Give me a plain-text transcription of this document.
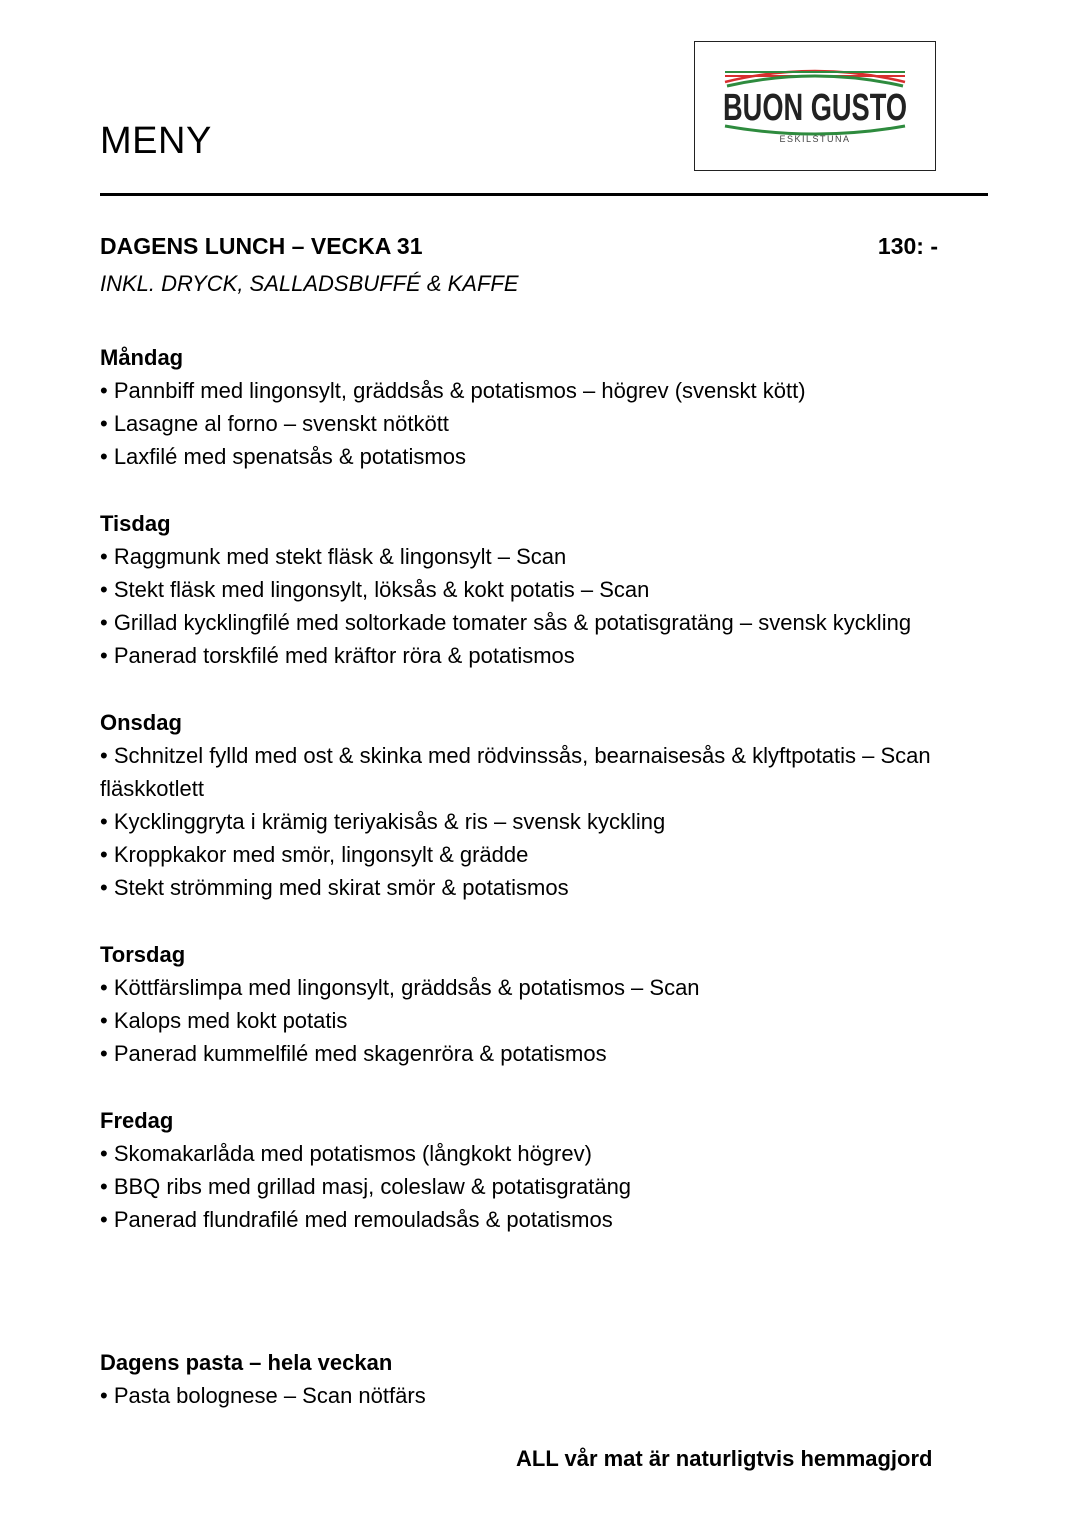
MENY
BUON GUSTO
ESKILSTUNA
DAGENS LUNCH – VECKA 31	130: -
INKL. DRYCK, SALLADSBUFFÉ & KAFFE

Måndag

• Pannbiff med lingonsylt, gräddsås & potatismos – högrev (svenskt kött)
• Lasagne al forno – svenskt nötkött
• Laxfilé med spenatsås & potatismos

Tisdag

• Raggmunk med stekt fläsk & lingonsylt – Scan
• Stekt fläsk med lingonsylt, löksås & kokt potatis – Scan
• Grillad kycklingfilé med soltorkade tomater sås & potatisgratäng – svensk kyckling
• Panerad torskfilé med kräftor röra & potatismos

Onsdag

• Schnitzel fylld med ost & skinka med rödvinssås, bearnaisesås & klyftpotatis – Scan fläskkotlett
• Kycklinggryta i krämig teriyakisås & ris – svensk kyckling
• Kroppkakor med smör, lingonsylt & grädde
• Stekt strömming med skirat smör & potatismos

Torsdag

• Köttfärslimpa med lingonsylt, gräddsås & potatismos – Scan
• Kalops med kokt potatis
• Panerad kummelfilé med skagenröra & potatismos

Fredag

• Skomakarlåda med potatismos (långkokt högrev)
• BBQ ribs med grillad masj, coleslaw & potatisgratäng
• Panerad flundrafilé med remouladsås & potatismos

Dagens pasta – hela veckan

• Pasta bolognese – Scan nötfärs
ALL vår mat är naturligtvis hemmagjord
